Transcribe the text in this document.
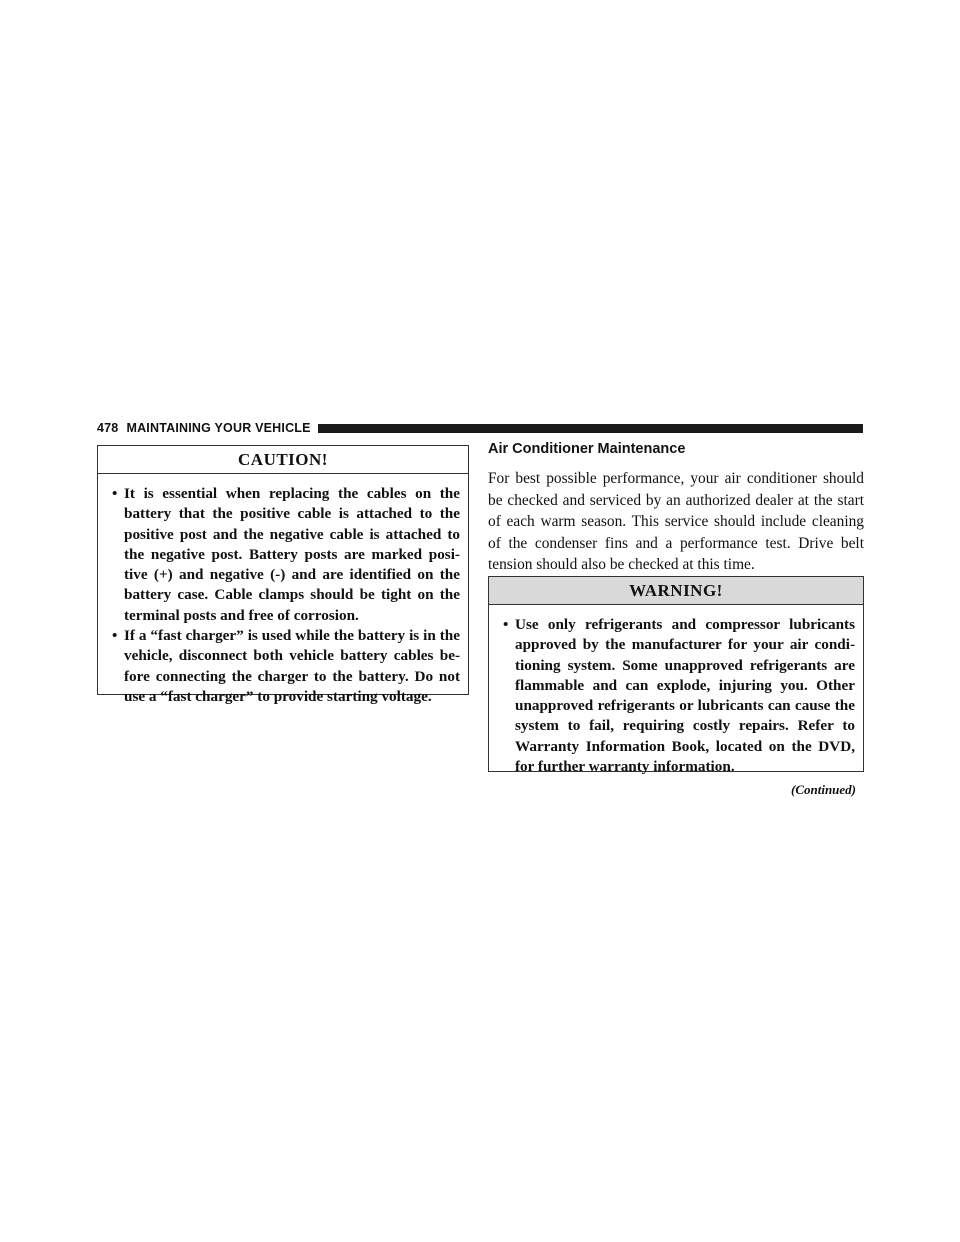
478 MAINTAINING YOUR VEHICLE
CAUTION!
• It is essential when replacing the cables on the battery that the positive cable is attached to the positive post and the negative cable is attached to the negative post. Battery posts are marked posi-tive (+) and negative (-) and are identified on the battery case. Cable clamps should be tight on the terminal posts and free of corrosion.
• If a “fast charger” is used while the battery is in the vehicle, disconnect both vehicle battery cables be-fore connecting the charger to the battery. Do not use a “fast charger” to provide starting voltage.
Air Conditioner Maintenance
For best possible performance, your air conditioner should be checked and serviced by an authorized dealer at the start of each warm season. This service should include cleaning of the condenser fins and a performance test. Drive belt tension should also be checked at this time.
WARNING!
• Use only refrigerants and compressor lubricants approved by the manufacturer for your air condi-tioning system. Some unapproved refrigerants are flammable and can explode, injuring you. Other unapproved refrigerants or lubricants can cause the system to fail, requiring costly repairs. Refer to Warranty Information Book, located on the DVD, for further warranty information.
(Continued)
